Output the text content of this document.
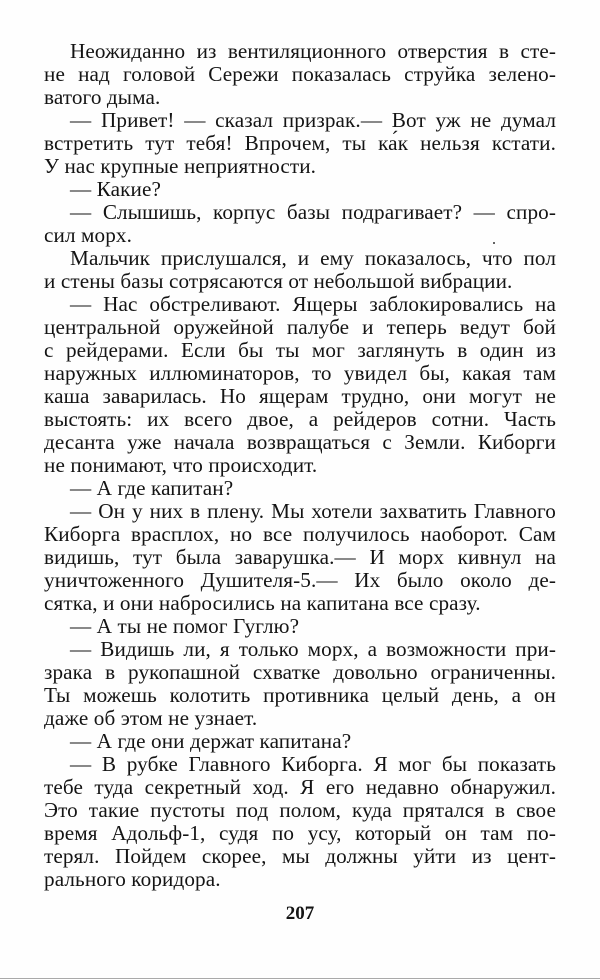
Неожиданно из вентиляционного отверстия в сте-
не над головой Сережи показалась струйка зелено-
ватого дыма.
— Привет! — сказал призрак.— Вот уж не думал
встретить тут тебя! Впрочем, ты ка́к нельзя кстати.
У нас крупные неприятности.
— Какие?
— Слышишь, корпус базы подрагивает? — спро-
сил морх.
Мальчик прислушался, и ему показалось, что пол
и стены базы сотрясаются от небольшой вибрации.
— Нас обстреливают. Ящеры заблокировались на
центральной оружейной палубе и теперь ведут бой
с рейдерами. Если бы ты мог заглянуть в один из
наружных иллюминаторов, то увидел бы, какая там
каша заварилась. Но ящерам трудно, они могут не
выстоять: их всего двое, а рейдеров сотни. Часть
десанта уже начала возвращаться с Земли. Киборги
не понимают, что происходит.
— А где капитан?
— Он у них в плену. Мы хотели захватить Главного
Киборга врасплох, но все получилось наоборот. Сам
видишь, тут была заварушка.— И морх кивнул на
уничтоженного Душителя-5.— Их было около де-
сятка, и они набросились на капитана все сразу.
— А ты не помог Гуглю?
— Видишь ли, я только морх, а возможности при-
зрака в рукопашной схватке довольно ограниченны.
Ты можешь колотить противника целый день, а он
даже об этом не узнает.
— А где они держат капитана?
— В рубке Главного Киборга. Я мог бы показать
тебе туда секретный ход. Я его недавно обнаружил.
Это такие пустоты под полом, куда прятался в свое
время Адольф-1, судя по усу, который он там по-
терял. Пойдем скорее, мы должны уйти из цент-
рального коридора.
207
